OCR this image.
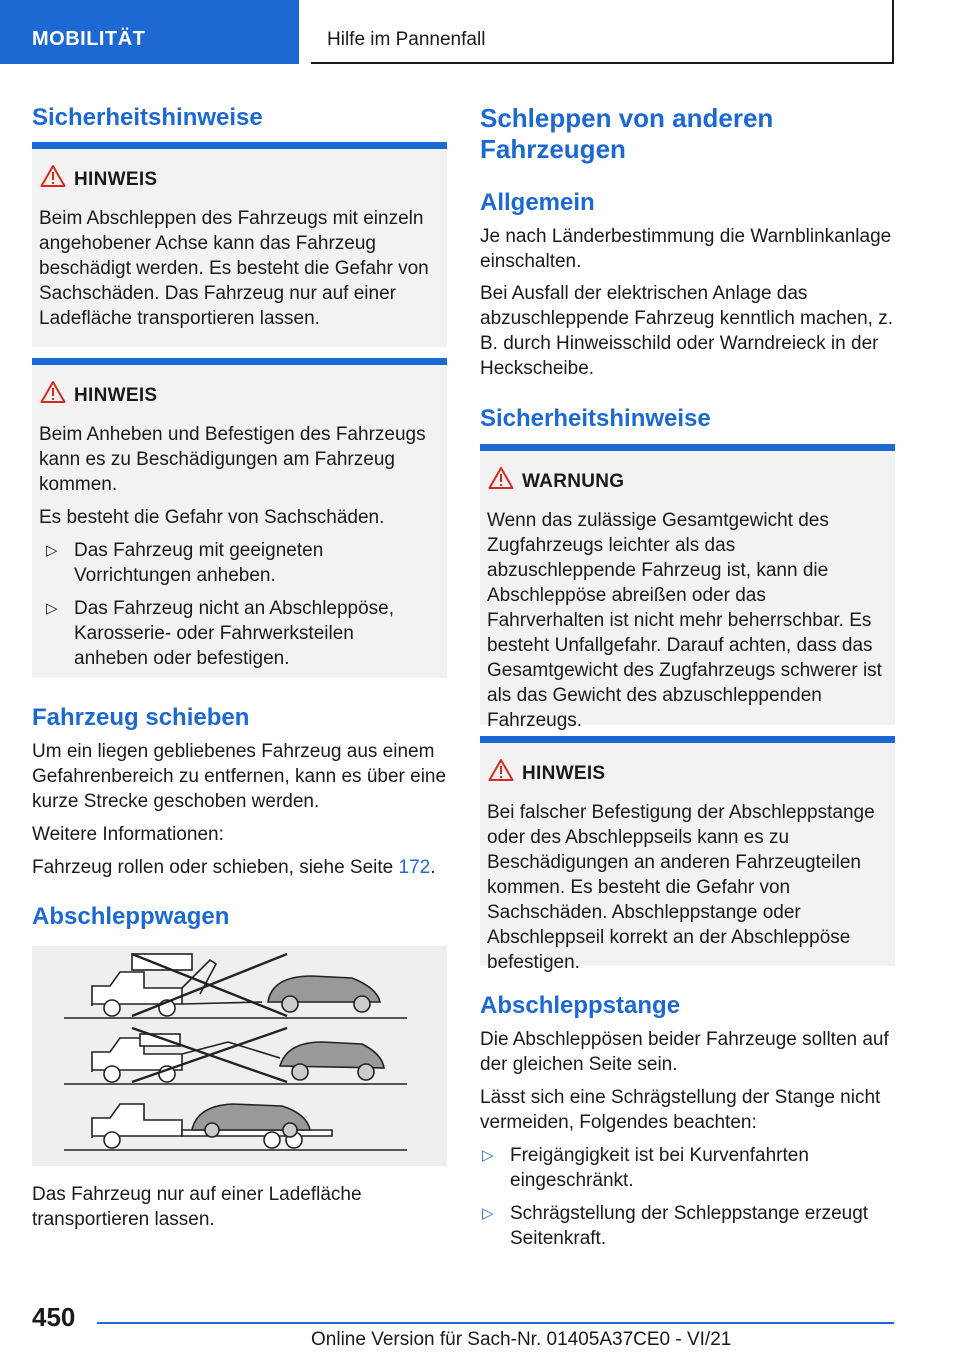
MOBILITÄT	Hilfe im Pannenfall
Sicherheitshinweise
HINWEIS
Beim Abschleppen des Fahrzeugs mit einzeln angehobener Achse kann das Fahrzeug beschädigt werden. Es besteht die Gefahr von Sachschäden. Das Fahrzeug nur auf einer Ladefläche transportieren lassen.
HINWEIS
Beim Anheben und Befestigen des Fahrzeugs kann es zu Beschädigungen am Fahrzeug kommen.
Es besteht die Gefahr von Sachschäden.
▷ Das Fahrzeug mit geeigneten Vorrichtungen anheben.
▷ Das Fahrzeug nicht an Abschleppöse, Karosserie- oder Fahrwerksteilen anheben oder befestigen.
Fahrzeug schieben
Um ein liegen gebliebenes Fahrzeug aus einem Gefahrenbereich zu entfernen, kann es über eine kurze Strecke geschoben werden.
Weitere Informationen:
Fahrzeug rollen oder schieben, siehe Seite 172.
Abschleppwagen
Das Fahrzeug nur auf einer Ladefläche transportieren lassen.
Schleppen von anderen Fahrzeugen
Allgemein
Je nach Länderbestimmung die Warnblinkanlage einschalten.
Bei Ausfall der elektrischen Anlage das abzuschleppende Fahrzeug kenntlich machen, z. B. durch Hinweisschild oder Warndreieck in der Heckscheibe.
Sicherheitshinweise
WARNUNG
Wenn das zulässige Gesamtgewicht des Zugfahrzeugs leichter als das abzuschleppende Fahrzeug ist, kann die Abschleppöse abreißen oder das Fahrverhalten ist nicht mehr beherrschbar. Es besteht Unfallgefahr. Darauf achten, dass das Gesamtgewicht des Zugfahrzeugs schwerer ist als das Gewicht des abzuschleppenden Fahrzeugs.
HINWEIS
Bei falscher Befestigung der Abschleppstange oder des Abschleppseils kann es zu Beschädigungen an anderen Fahrzeugteilen kommen. Es besteht die Gefahr von Sachschäden. Abschleppstange oder Abschleppseil korrekt an der Abschleppöse befestigen.
Abschleppstange
Die Abschleppösen beider Fahrzeuge sollten auf der gleichen Seite sein.
Lässt sich eine Schrägstellung der Stange nicht vermeiden, Folgendes beachten:
▷ Freigängigkeit ist bei Kurvenfahrten eingeschränkt.
▷ Schrägstellung der Schleppstange erzeugt Seitenkraft.
450
Online Version für Sach-Nr. 01405A37CE0 - VI/21
